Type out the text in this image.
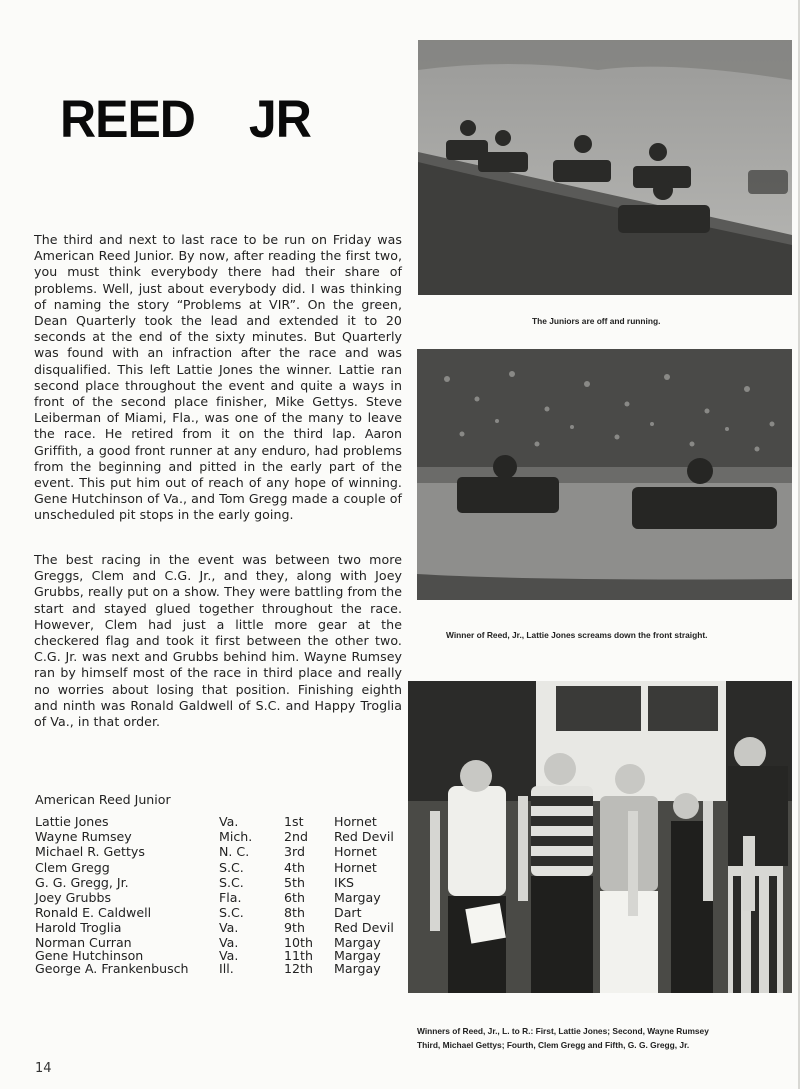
REED JR

The third and next to last race to be run on Friday was American Reed Junior. By now, after reading the first two, you must think everybody there had their share of problems. Well, just about everybody did. I was thinking of naming the story “Problems at VIR”. On the green, Dean Quarterly took the lead and extended it to 20 seconds at the end of the sixty minutes. But Quarterly was found with an infraction after the race and was disqualified. This left Lattie Jones the winner. Lattie ran second place throughout the event and quite a ways in front of the second place finisher, Mike Gettys. Steve Leiberman of Miami, Fla., was one of the many to leave the race. He retired from it on the third lap. Aaron Griffith, a good front runner at any enduro, had problems from the beginning and pitted in the early part of the event. This put him out of reach of any hope of winning. Gene Hutchinson of Va., and Tom Gregg made a couple of unscheduled pit stops in the early going.

The best racing in the event was between two more Greggs, Clem and C.G. Jr., and they, along with Joey Grubbs, really put on a show. They were battling from the start and stayed glued together throughout the race. However, Clem had just a little more gear at the checkered flag and took it first between the other two. C.G. Jr. was next and Grubbs behind him. Wayne Rumsey ran by himself most of the race in third place and really no worries about losing that position. Finishing eighth and ninth was Ronald Galdwell of S.C. and Happy Troglia of Va., in that order.

American Reed Junior

Lattie Jones	Va.	1st	Hornet
Wayne Rumsey	Mich.	2nd	Red Devil
Michael R. Gettys	N. C.	3rd	Hornet
Clem Gregg	S.C.	4th	Hornet
G. G. Gregg, Jr.	S.C.	5th	IKS
Joey Grubbs	Fla.	6th	Margay
Ronald E. Caldwell	S.C.	8th	Dart
Harold Troglia	Va.	9th	Red Devil
Norman Curran	Va.	10th	Margay
Gene Hutchinson	Va.	11th	Margay
George A. Frankenbusch	Ill.	12th	Margay

The Juniors are off and running.

Winner of Reed, Jr., Lattie Jones screams down the front straight.

Winners of Reed, Jr., L. to R.: First, Lattie Jones; Second, Wayne Rumsey
Third, Michael Gettys; Fourth, Clem Gregg and Fifth, G. G. Gregg, Jr.

14
